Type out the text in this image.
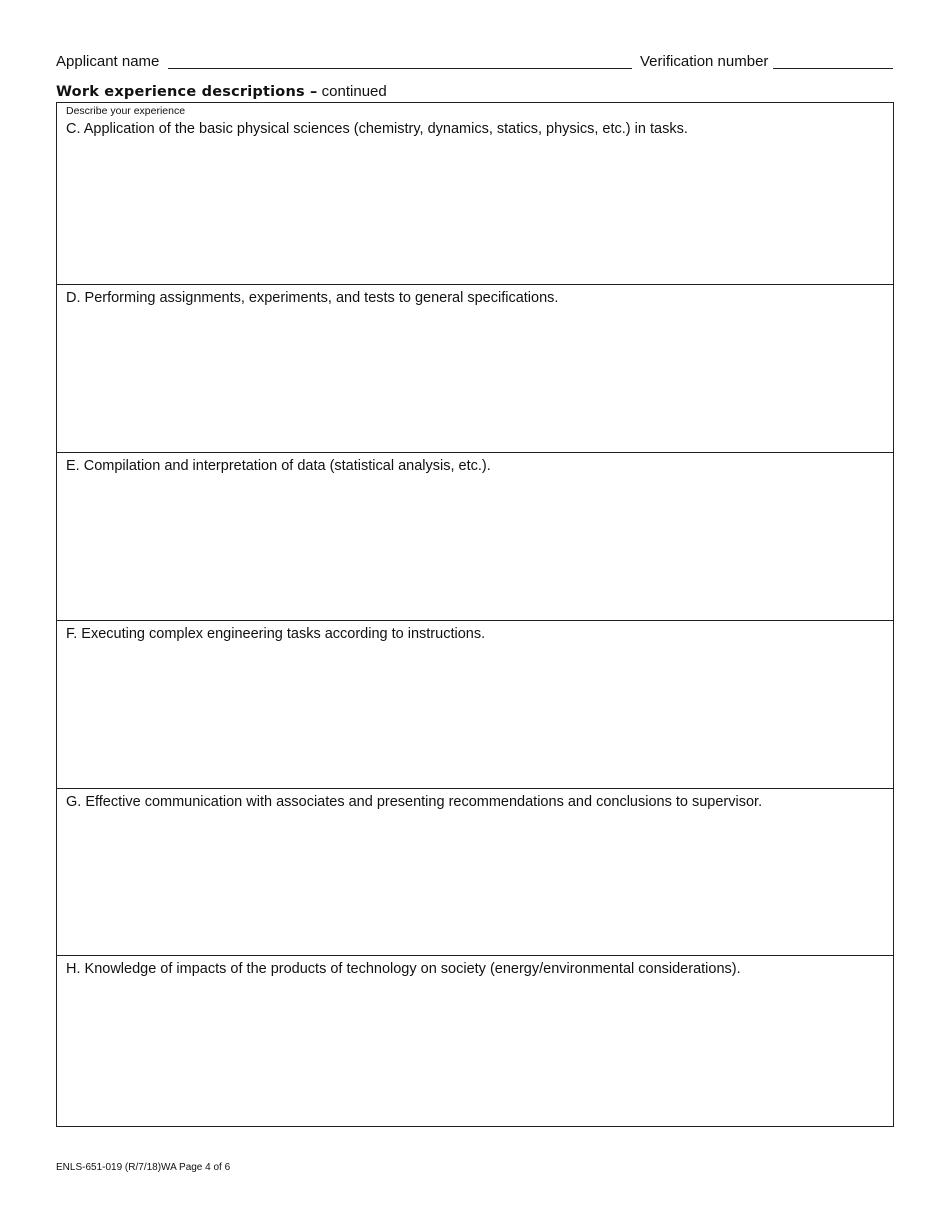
Applicant name	Verification number
Work experience descriptions – continued
Describe your experience
C. Application of the basic physical sciences (chemistry, dynamics, statics, physics, etc.) in tasks.
D. Performing assignments, experiments, and tests to general specifications.
E. Compilation and interpretation of data (statistical analysis, etc.).
F. Executing complex engineering tasks according to instructions.
G. Effective communication with associates and presenting recommendations and conclusions to supervisor.
H. Knowledge of impacts of the products of technology on society (energy/environmental considerations).
ENLS-651-019 (R/7/18)WA Page 4 of 6
